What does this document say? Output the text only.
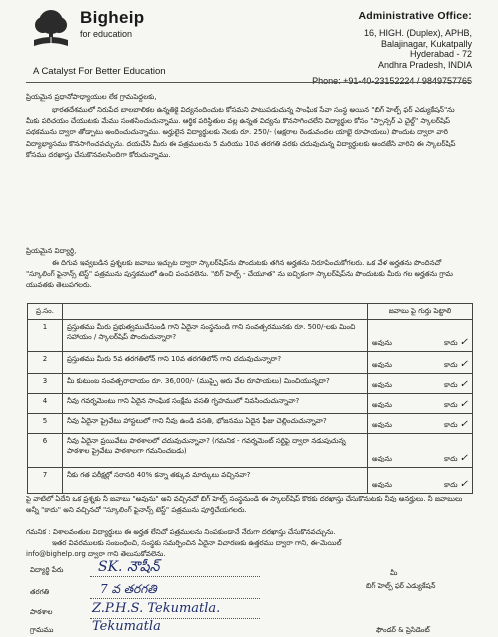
Bigheip
for education
A Catalyst For Better Education
Administrative Office:
16, HIGH. (Duplex), APHB,
Balajinagar, Kukatpally
Hyderabad - 72
Andhra Pradesh, INDIA
Phone: +91-40-23152224 / 9849757765
ప్రియమైన ప్రధానోపాధ్యాయుల లేక గ్రామపెద్దలకు,
భారతదేశములో నిరుపేద బాలబాలికల ఉన్నతికై విద్యనందించుట కోసమని పాటుపడుచున్న సాంఘిక సేవా సంస్థ అయిన "బిగ్ హెల్ప్ ఫర్ ఎడ్యుకేషన్"ను మీకు పరిచయం చేయుటకు మేము సంతసించుచున్నాము. ఆర్థిక పరిస్థితుల వల్ల ఉన్నత విద్యను కొనసాగించలేని విద్యార్థుల కోసం "స్పాన్సర్ ఎ చైల్డ్" స్కాలర్‌షిప్ పథకమును ద్వారా తోడ్పాటు అందించుచున్నాము. అర్హులైన విద్యార్థులకు నెలకు రూ. 250/- (అక్షరాల రెండువందల యాభై రూపాయలు) పొందుట ద్వారా వారి విద్యాభ్యాసము కొనసాగించవచ్చును. దయచేసి మీరు ఈ పత్రములను 5 మరియు 10వ తరగతి వరకు చదువుచున్న విద్యార్థులకు అందజేసి వారిని ఈ స్కాలర్‌షిప్ కోసము దరఖాస్తు చేసుకొనవలసిందిగా కోరుచున్నాము.
ప్రియమైన విద్యార్థి,
ఈ దిగువ ఇవ్వబడిన ప్రశ్నలకు జవాబు ఇచ్చుట ద్వారా స్కాలర్‌షిప్‌ను పొందుటకు తగిన అర్హతను నిరూపించుకోగలరు. ఒక వేళ అర్హతను పొందినచో "స్కూలింగ్ ఫైనాన్స్ టెస్ట్" పత్రమును పుస్తకములో ఉంచి పంపవలెను. "బిగ్ హెల్ప్ - చేయూత" ను ఐచ్ఛికంగా స్కాలర్‌షిప్‌ను పొందుటకు మీరు గల అర్హతను గ్రామ యువతకు తెలుపగలరు.
ప్ర.సం.		జవాబు పై గుర్తు పెట్టాలి
1	ప్రస్తుతము మీరు ప్రభుత్వముచేసుండి గాని ఏదైనా సంస్థనుండి గాని సంవత్సరమునకు రూ. 500/-లకు మించి సహాయం / స్కాలర్‌షిప్ పొందుచున్నారా?	అవును కాదు ✓

2	ప్రస్తుతము మీరు 5వ తరగతిలోన్ గాని 10వ తరగతిలోన్ గాని చదువుచున్నారా?	అవును కాదు ✓

3	మీ కుటుంబ సంవత్సరాదాయం రూ. 36,000/- (ముప్పై ఆరు వేల రూపాయలు) మించియున్నదా?	అవును కాదు ✓

4	నీవు గవర్నమెంటు గాని ఏదైన సాంఘిక సంక్షేమ వసతి గృహములో నివసించుచున్నావా?	అవును కాదు ✓

5	నీవు ఏదైనా ప్రైవేటు హాస్టలులో గాని నీవు ఉండి వసతి, భోజనము ఏదైన ఫీజు చెల్లించుచున్నావా?	అవును కాదు ✓

6	నీవు ఏదైనా ప్రయివేటు పాఠశాలలో చదువుచున్నావా? (గమనిక - గవర్నమెంట్ సర్టిఫై ద్వారా నడుపుచున్న పాఠశాల ప్రైవేటు పాఠశాలగా గమనించబడు)	అవును కాదు ✓

7	నీకు గత పరీక్షల్లో సరాసరి 40% కన్నా తక్కువ మార్కులు వచ్చినవా?	అవును కాదు ✓
పై వాటిలో ఏదేని ఒక ప్రశ్నకు నీ జవాబు "అవును" అని వచ్చినచో బిగ్ హెల్ప్ సంస్థనుండి ఈ స్కాలర్‌షిప్ కొరకు దరఖాస్తు చేసుకొనుటకు నీవు అనర్హులు. నీ జవాబులు అన్నీ "కాదు" అని వచ్చినచో "స్కూలింగ్ ఫైనాన్స్ టెస్ట్" పత్రమును పూర్తిచేయగలరు.
గమనిక : విశాలవంతుల విద్యార్థులు ఈ అర్హత లేనిచో పత్రములను నింపకుండానే నేరుగా దరఖాస్తు చేసుకొనవచ్చును.
ఇతర వివరములకు సంబంధించి, సంస్థకు సమర్పించిన ఏదైనా విచారణకు ఉత్తరము ద్వారా గాని, ఈ-మెయిల్
info@bighelp.org ద్వారా గాని తెలుసుకోవలెను.
విద్యార్థి పేరు SK. నౌషీన్
తరగతి	7 వ తరగతి
పాఠశాల	Z.P.H.S. Tekumatla.
గ్రామము	Tekumatla
మీ
బిగ్ హెల్ప్ ఫర్ ఎడ్యుకేషన్
ఫౌండర్ & ప్రెసిడెంట్
